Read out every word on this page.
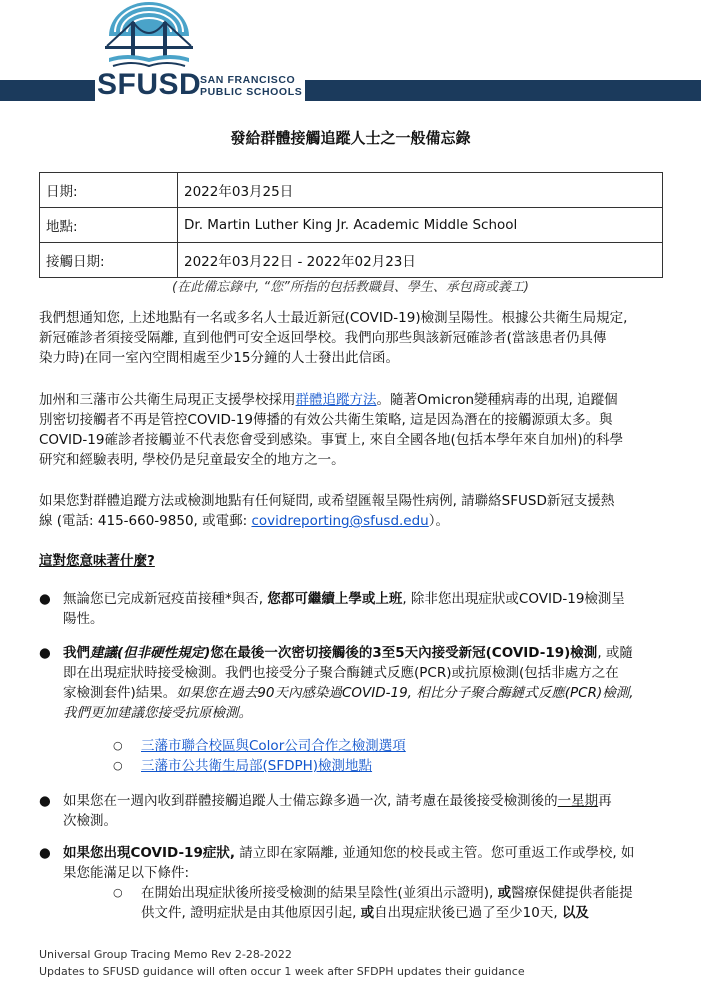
SFUSD
SAN FRANCISCO
PUBLIC SCHOOLS
發給群體接觸追蹤人士之一般備忘錄
日期:	2022年03月25日
地點:	Dr. Martin Luther King Jr. Academic Middle School
接觸日期:	2022年03月22日 - 2022年02月23日
(在此備忘錄中, “您”所指的包括教職員、學生、承包商或義工)
我們想通知您, 上述地點有一名或多名人士最近新冠(COVID-19)檢測呈陽性。根據公共衛生局規定,
新冠確診者須接受隔離, 直到他們可安全返回學校。我們向那些與該新冠確診者(當該患者仍具傳
染力時)在同一室內空間相處至少15分鐘的人士發出此信函。
加州和三藩市公共衛生局現正支援學校採用群體追蹤方法。隨著Omicron變種病毒的出現, 追蹤個
別密切接觸者不再是管控COVID-19傳播的有效公共衛生策略, 這是因為潛在的接觸源頭太多。與
COVID-19確診者接觸並不代表您會受到感染。事實上, 來自全國各地(包括本學年來自加州)的科學
研究和經驗表明, 學校仍是兒童最安全的地方之一。
如果您對群體追蹤方法或檢測地點有任何疑問, 或希望匯報呈陽性病例, 請聯絡SFUSD新冠支援熱
線 (電話: 415-660-9850, 或電郵: covidreporting@sfusd.edu）。
這對您意味著什麼?
● 無論您已完成新冠疫苗接種*與否, 您都可繼續上學或上班, 除非您出現症狀或COVID-19檢測呈
陽性。
● 我們建議(但非硬性規定)您在最後一次密切接觸後的3至5天內接受新冠(COVID-19)檢測, 或隨
即在出現症狀時接受檢測。我們也接受分子聚合酶鏈式反應(PCR)或抗原檢測(包括非處方之在
家檢測套件)結果。如果您在過去90天內感染過COVID-19, 相比分子聚合酶鏈式反應(PCR)檢測,
我們更加建議您接受抗原檢測。
○ 三藩市聯合校區與Color公司合作之檢測選項
○ 三藩市公共衛生局部(SFDPH)檢測地點
● 如果您在一週內收到群體接觸追蹤人士備忘錄多過一次, 請考慮在最後接受檢測後的一星期再
次檢測。
● 如果您出現COVID-19症狀, 請立即在家隔離, 並通知您的校長或主管。您可重返工作或學校, 如
果您能滿足以下條件:
○ 在開始出現症狀後所接受檢測的結果呈陰性(並須出示證明), 或醫療保健提供者能提
供文件, 證明症狀是由其他原因引起, 或自出現症狀後已過了至少10天, 以及
Universal Group Tracing Memo Rev 2-28-2022
Updates to SFUSD guidance will often occur 1 week after SFDPH updates their guidance
